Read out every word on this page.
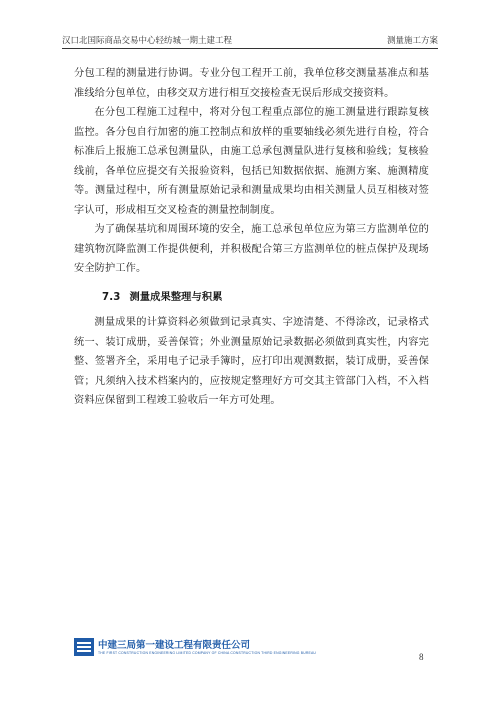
汉口北国际商品交易中心轻纺城一期土建工程	测量施工方案

分包工程的测量进行协调。专业分包工程开工前，我单位移交测量基准点和基准线给分包单位，由移交双方进行相互交接检查无误后形成交接资料。

在分包工程施工过程中，将对分包工程重点部位的施工测量进行跟踪复核监控。各分包自行加密的施工控制点和放样的重要轴线必须先进行自检，符合标准后上报施工总承包测量队，由施工总承包测量队进行复核和验线；复核验线前，各单位应提交有关报验资料，包括已知数据依据、施测方案、施测精度等。测量过程中，所有测量原始记录和测量成果均由相关测量人员互相核对签字认可，形成相互交叉检查的测量控制制度。

为了确保基坑和周围环境的安全，施工总承包单位应为第三方监测单位的建筑物沉降监测工作提供便利，并积极配合第三方监测单位的桩点保护及现场安全防护工作。

7.3 测量成果整理与积累

测量成果的计算资料必须做到记录真实、字迹清楚、不得涂改，记录格式统一、装订成册，妥善保管；外业测量原始记录数据必须做到真实性，内容完整、签署齐全，采用电子记录手簿时，应打印出观测数据，装订成册，妥善保管；凡须纳入技术档案内的，应按规定整理好方可交其主管部门入档，不入档资料应保留到工程竣工验收后一年方可处理。

中建三局第一建设工程有限责任公司
THE FIRST CONSTRUCTION ENGINEERING LIMITED COMPANY OF CHINA CONSTRUCTION THIRD ENGINEERING BUREAU	8
